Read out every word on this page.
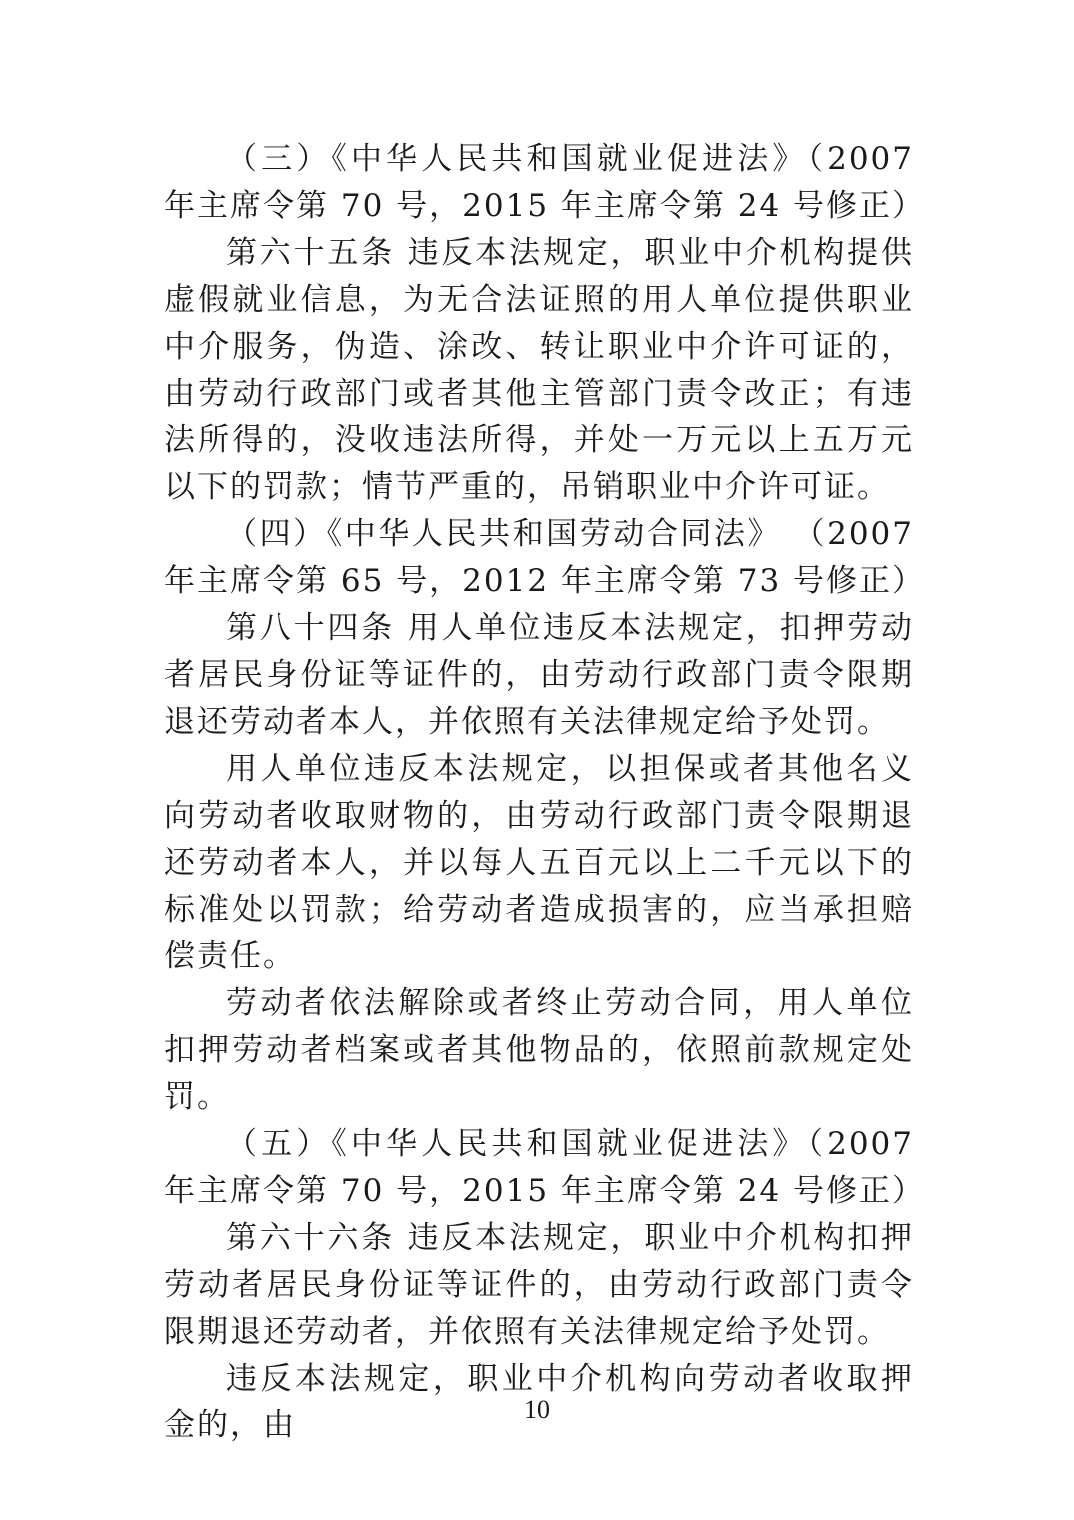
（三）《中华人民共和国就业促进法》（2007 年主席令第 70 号，2015 年主席令第 24 号修正）

第六十五条 违反本法规定，职业中介机构提供虚假就业信息，为无合法证照的用人单位提供职业中介服务，伪造、涂改、转让职业中介许可证的，由劳动行政部门或者其他主管部门责令改正；有违法所得的，没收违法所得，并处一万元以上五万元以下的罚款；情节严重的，吊销职业中介许可证。

（四）《中华人民共和国劳动合同法》 （2007 年主席令第 65 号，2012 年主席令第 73 号修正）

第八十四条 用人单位违反本法规定，扣押劳动者居民身份证等证件的，由劳动行政部门责令限期退还劳动者本人，并依照有关法律规定给予处罚。

用人单位违反本法规定，以担保或者其他名义向劳动者收取财物的，由劳动行政部门责令限期退还劳动者本人，并以每人五百元以上二千元以下的标准处以罚款；给劳动者造成损害的，应当承担赔偿责任。

劳动者依法解除或者终止劳动合同，用人单位扣押劳动者档案或者其他物品的，依照前款规定处罚。

（五）《中华人民共和国就业促进法》（2007 年主席令第 70 号，2015 年主席令第 24 号修正）

第六十六条 违反本法规定，职业中介机构扣押劳动者居民身份证等证件的，由劳动行政部门责令限期退还劳动者，并依照有关法律规定给予处罚。

违反本法规定，职业中介机构向劳动者收取押金的，由	10
